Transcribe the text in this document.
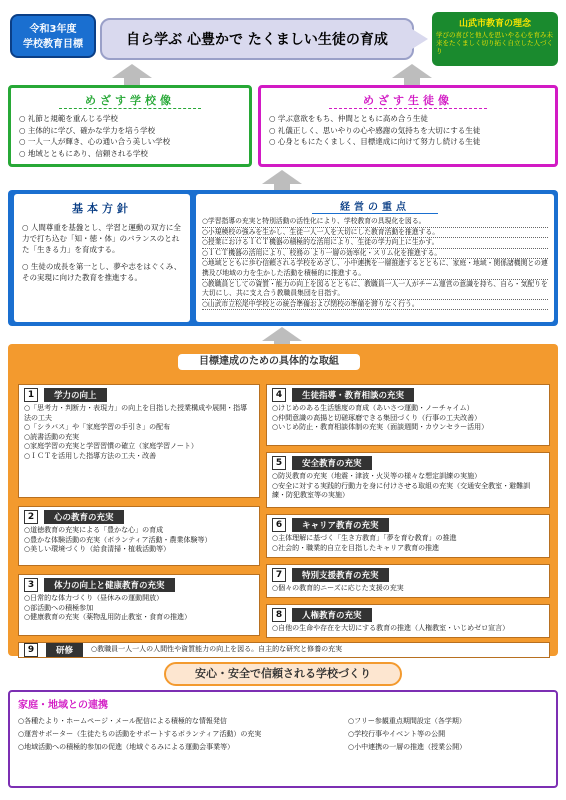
令和3年度
学校教育目標	自ら学ぶ 心豊かで たくましい生徒の育成
山武市教育の理念
学びの喜びと他人を思いやる心を育み未来をたくましく切り拓く自立した人づくり
めざす学校像
○ 礼節と規範を重んじる学校
○ 主体的に学び、確かな学力を培う学校
○ 一人一人が輝き、心の通い合う美しい学校
○ 地域とともにあり、信頼される学校
めざす生徒像
○ 学ぶ意欲をもち、仲間とともに高め合う生徒
○ 礼儀正しく、思いやりの心や感謝の気持ちを大切にする生徒
○ 心身ともにたくましく、目標達成に向けて努力し続ける生徒
基本方針
○ 人間尊重を基盤とし、学習と運動の双方に全力で打ち込む「知・徳・体」のバランスのとれた「生きる力」を育成する。
○ 生徒の成長を第一とし、夢や志をはぐくみ、その実現に向けた教育を推進する。
経営の重点
○学習指導の充実と特別活動の活性化により、学校教育の具現化を図る。
○小規模校の強みを生かし、生徒一人一人を大切にした教育活動を推進する。
○授業におけるＩＣＴ機器の積極的な活用により、生徒の学力向上に生かす。
○ＩＣＴ機器の活用により、校務の より一層の効率化・スリム化を推進する。
○地域とともに歩む信頼される学校をめざし、小中連携を一層推進するとともに、家庭・地域・関係諸機関との連携及び地域の力を生かした活動を積極的に推進する。
○教職員としての資質・能力の向上を図るとともに、教職員一人一人がチーム運営の意識を持ち、自ら・気配りを大切にし、共に支え合う教職員集団を目指す。
○山武市立松尾中学校との統合準備および閉校の準備を滞りなく行う。
目標達成のための具体的な取組
1	学力の向上
○「思考力・判断力・表現力」の向上を目指した授業構成や展開・指導法の工夫
○「シラバス」や「家庭学習の手引き」の配布
○読書活動の充実
○家庭学習の充実と学習習慣の確立（家庭学習ノート）
○ＩＣＴを活用した指導方法の工夫・改善
2	心の教育の充実
○道徳教育の充実による「豊かな心」の育成
○豊かな体験活動の充実（ボランティア活動・農業体験等）
○美しい環境づくり（給食清掃・植栽活動等）
3	体力の向上と健康教育の充実
○日常的な体力づくり（昼休みの運動開放）
○部活動への積極参加
○健康教育の充実（薬物乱用防止教室・食育の推進）
4	生徒指導・教育相談の充実
○けじめのある生活態度の育成（あいさつ運動・ノーチャイム）
○仲間意識の高揚と切磋琢磨できる集団づくり（行事の工夫改善）
○いじめ防止・教育相談体制の充実（面談週間・カウンセラー活用）
5	安全教育の充実
○防災教育の充実（地震・津波・火災等の様々な想定訓練の実施）
○安全に対する実践的行動力を身に付けさせる取組の充実（交通安全教室・避難訓練・防犯教室等の実施）
6	キャリア教育の充実
○主体理解に基づく「生き方教育」「夢を育む教育」の推進
○社会的・職業的自立を目指したキャリア教育の推進
7	特別支援教育の充実
○個々の教育的ニーズに応じた支援の充実
8	人権教育の充実
○自他の生命や存在を大切にする教育の推進（人権教室・いじめゼロ宣言）
9	研修	○教職員一人一人の人間性や資質能力の向上を図る。自主的な研究と修養の充実
安心・安全で信頼される学校づくり
家庭・地域との連携
○各種たより・ホームページ・メール配信による積極的な情報発信	○フリー参観重点期間設定（各学期）
○運営サポーター（生徒たちの活動をサポートするボランティア活動）の充実	○学校行事やイベント等の公開
○地域活動への積極的参加の促進（地域ぐるみによる運動会事業等）	○小中連携の一層の推進（授業公開）
